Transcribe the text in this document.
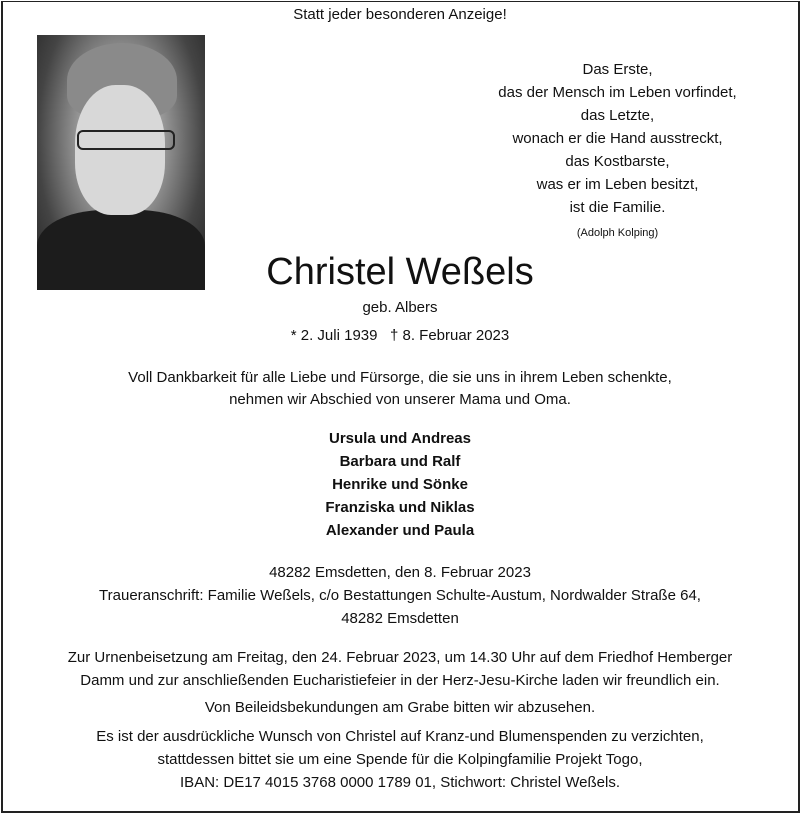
Statt jeder besonderen Anzeige!
Das Erste,
das der Mensch im Leben vorfindet,
das Letzte,
wonach er die Hand ausstreckt,
das Kostbarste,
was er im Leben besitzt,
ist die Familie.
(Adolph Kolping)
Christel Weßels
geb. Albers
* 2. Juli 1939   † 8. Februar 2023
Voll Dankbarkeit für alle Liebe und Fürsorge, die sie uns in ihrem Leben schenkte,
nehmen wir Abschied von unserer Mama und Oma.
Ursula und Andreas
Barbara und Ralf
Henrike und Sönke
Franziska und Niklas
Alexander und Paula
48282 Emsdetten, den 8. Februar 2023
Traueranschrift: Familie Weßels, c/o Bestattungen Schulte-Austum, Nordwalder Straße 64,
48282 Emsdetten
Zur Urnenbeisetzung am Freitag, den 24. Februar 2023, um 14.30 Uhr auf dem Friedhof Hemberger
Damm und zur anschließenden Eucharistiefeier in der Herz-Jesu-Kirche laden wir freundlich ein.
Von Beileidsbekundungen am Grabe bitten wir abzusehen.
Es ist der ausdrückliche Wunsch von Christel auf Kranz-und Blumenspenden zu verzichten,
stattdessen bittet sie um eine Spende für die Kolpingfamilie Projekt Togo,
IBAN: DE17 4015 3768 0000 1789 01, Stichwort: Christel Weßels.
